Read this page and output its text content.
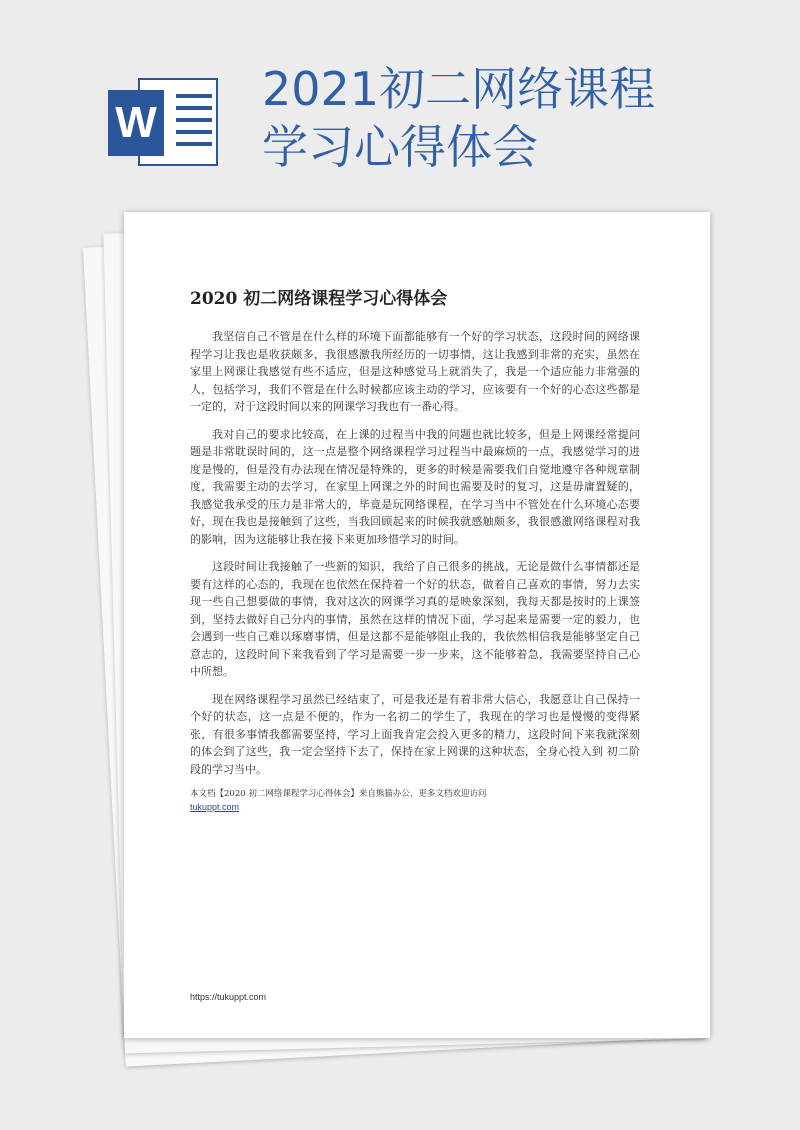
W
2021初二网络课程
学习心得体会
2020 初二网络课程学习心得体会

我坚信自己不管是在什么样的环境下面都能够有一个好的学习状态，这段时间的网络课程学习让我也是收获颇多，我很感激我所经历的一切事情，这让我感到非常的充实，虽然在家里上网课让我感觉有些不适应，但是这种感觉马上就消失了，我是一个适应能力非常强的人，包括学习，我们不管是在什么时候都应该主动的学习，应该要有一个好的心态这些都是一定的，对于这段时间以来的网课学习我也有一番心得。

我对自己的要求比较高，在上课的过程当中我的问题也就比较多，但是上网课经常提问题是非常耽误时间的，这一点是整个网络课程学习过程当中最麻烦的一点，我感觉学习的进度是慢的，但是没有办法现在情况是特殊的，更多的时候是需要我们自觉地遵守各种规章制度，我需要主动的去学习，在家里上网课之外的时间也需要及时的复习，这是毋庸置疑的，我感觉我承受的压力是非常大的，毕竟是玩网络课程，在学习当中不管处在什么环境心态要好，现在我也是接触到了这些，当我回顾起来的时候我就感触颇多，我很感激网络课程对我的影响，因为这能够让我在接下来更加珍惜学习的时间。

这段时间让我接触了一些新的知识，我给了自己很多的挑战，无论是做什么事情都还是要有这样的心态的，我现在也依然在保持着一个好的状态，做着自己喜欢的事情，努力去实现一些自己想要做的事情，我对这次的网课学习真的是映象深刻，我每天都是按时的上课签到，坚持去做好自己分内的事情，虽然在这样的情况下面，学习起来是需要一定的毅力，也会遇到一些自己难以琢磨事情，但是这都不是能够阻止我的，我依然相信我是能够坚定自己意志的，这段时间下来我看到了学习是需要一步一步来，这不能够着急，我需要坚持自己心中所想。

现在网络课程学习虽然已经结束了，可是我还是有着非常大信心，我愿意让自己保持一个好的状态，这一点是不便的，作为一名初二的学生了，我现在的学习也是慢慢的变得紧张，有很多事情我都需要坚持，学习上面我肯定会投入更多的精力，这段时间下来我就深刻的体会到了这些，我一定会坚持下去了，保持在家上网课的这种状态，全身心投入到 初二阶段的学习当中。

本文档【2020 初二网络课程学习心得体会】来自熊猫办公，更多文档欢迎访问
tukuppt.com
https://tukuppt.com
